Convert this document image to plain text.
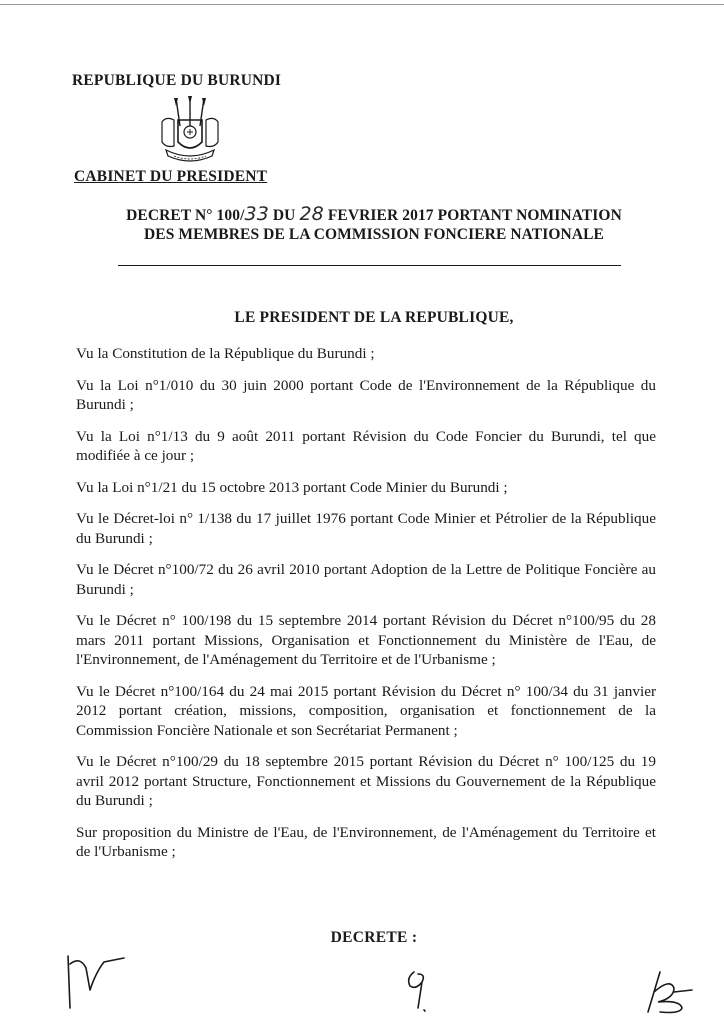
REPUBLIQUE DU BURUNDI
CABINET DU PRESIDENT
DECRET N° 100/33 DU 28 FEVRIER 2017 PORTANT NOMINATION
DES MEMBRES DE LA COMMISSION FONCIERE NATIONALE
LE PRESIDENT DE LA REPUBLIQUE,

Vu la Constitution de la République du Burundi ;

Vu la Loi n°1/010 du 30 juin 2000 portant Code de l'Environnement de la République du Burundi ;

Vu la Loi n°1/13 du 9 août 2011 portant Révision du Code Foncier du Burundi, tel que modifiée à ce jour ;

Vu la Loi n°1/21 du 15 octobre 2013 portant Code Minier du Burundi ;

Vu le Décret-loi n° 1/138 du 17 juillet 1976 portant Code Minier et Pétrolier de la République du Burundi ;

Vu le Décret n°100/72 du 26 avril 2010 portant Adoption de la Lettre de Politique Foncière au Burundi ;

Vu le Décret n° 100/198 du 15 septembre 2014 portant Révision du Décret n°100/95 du 28 mars 2011 portant Missions, Organisation et Fonctionnement du Ministère de l'Eau, de l'Environnement, de l'Aménagement du Territoire et de l'Urbanisme ;

Vu le Décret n°100/164 du 24 mai 2015 portant Révision du Décret n° 100/34 du 31 janvier 2012 portant création, missions, composition, organisation et fonctionnement de la Commission Foncière Nationale et son Secrétariat Permanent ;

Vu le Décret n°100/29 du 18 septembre 2015 portant Révision du Décret n° 100/125 du 19 avril 2012 portant Structure, Fonctionnement et Missions du Gouvernement de la République du Burundi ;

Sur proposition du Ministre de l'Eau, de l'Environnement, de l'Aménagement du Territoire et de l'Urbanisme ;

DECRETE :
